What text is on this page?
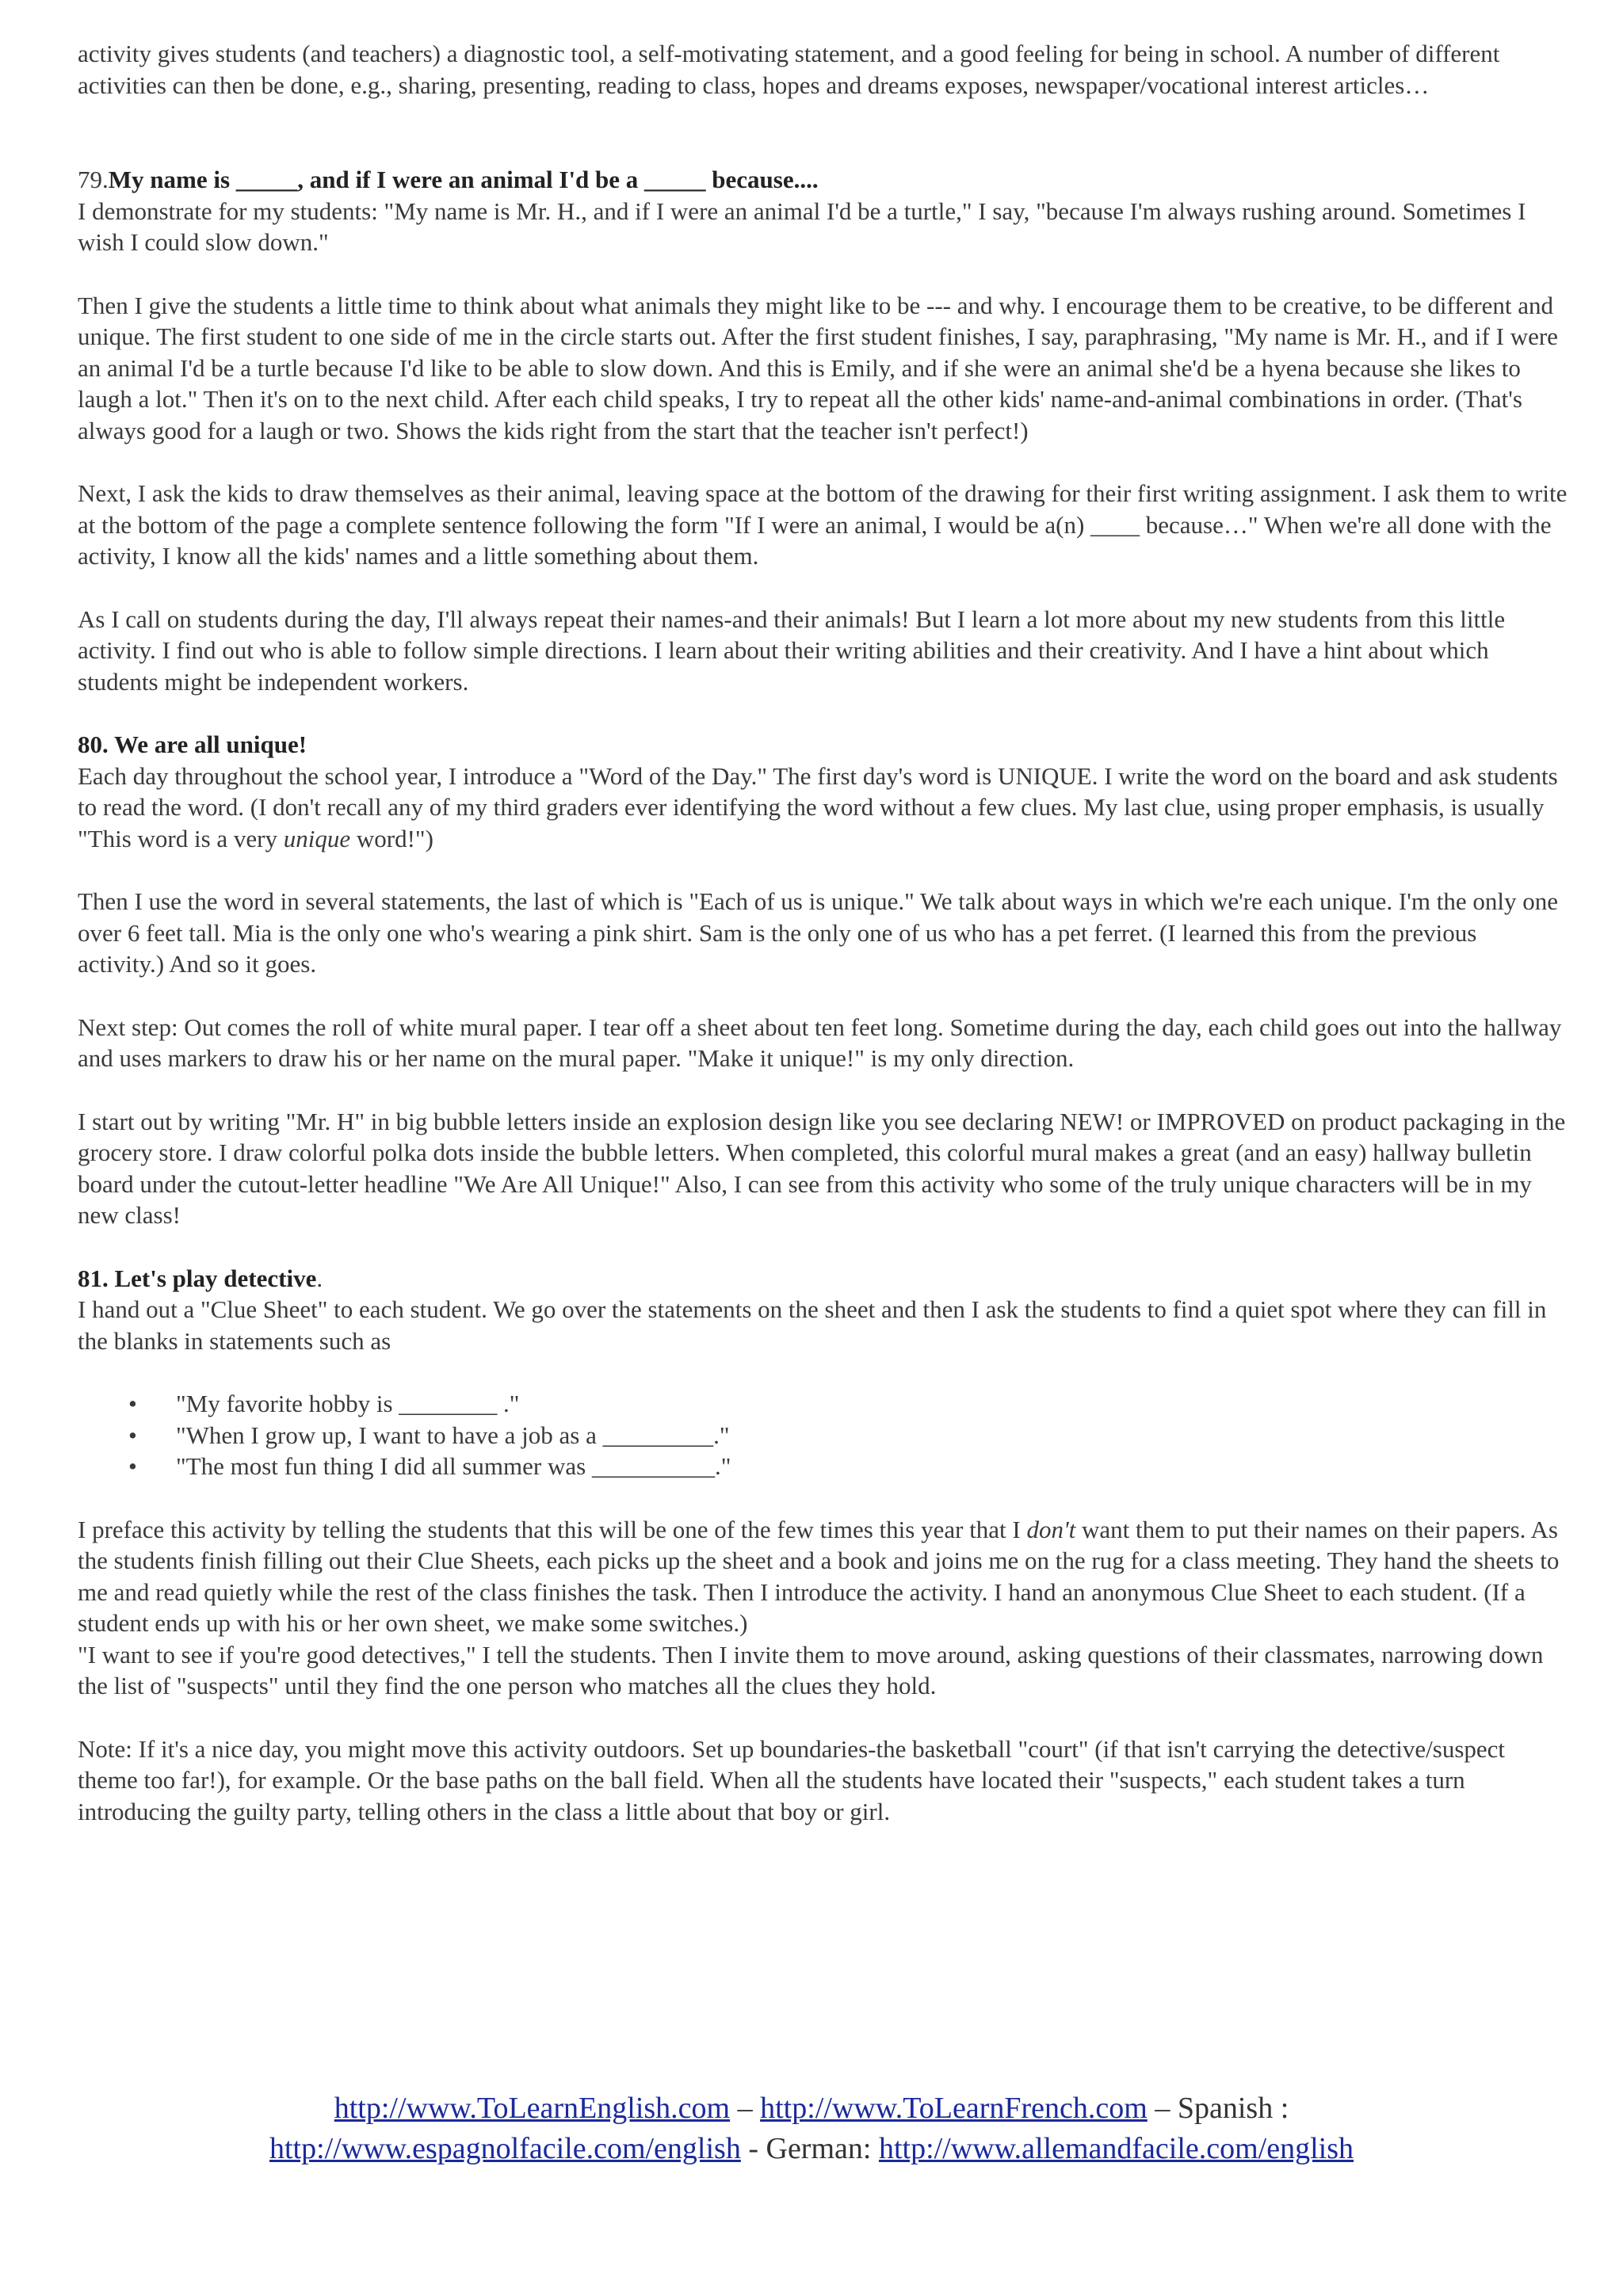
activity gives students (and teachers) a diagnostic tool, a self-motivating statement, and a good feeling for being in school. A number of different activities can then be done, e.g., sharing, presenting, reading to class, hopes and dreams exposes, newspaper/vocational interest articles…

79.My name is _____, and if I were an animal I'd be a _____ because....

I demonstrate for my students: "My name is Mr. H., and if I were an animal I'd be a turtle," I say, "because I'm always rushing around. Sometimes I wish I could slow down."

Then I give the students a little time to think about what animals they might like to be --- and why. I encourage them to be creative, to be different and unique. The first student to one side of me in the circle starts out. After the first student finishes, I say, paraphrasing, "My name is Mr. H., and if I were an animal I'd be a turtle because I'd like to be able to slow down. And this is Emily, and if she were an animal she'd be a hyena because she likes to laugh a lot." Then it's on to the next child. After each child speaks, I try to repeat all the other kids' name-and-animal combinations in order. (That's always good for a laugh or two. Shows the kids right from the start that the teacher isn't perfect!)

Next, I ask the kids to draw themselves as their animal, leaving space at the bottom of the drawing for their first writing assignment. I ask them to write at the bottom of the page a complete sentence following the form "If I were an animal, I would be a(n) ____ because…" When we're all done with the activity, I know all the kids' names and a little something about them.

As I call on students during the day, I'll always repeat their names-and their animals! But I learn a lot more about my new students from this little activity. I find out who is able to follow simple directions. I learn about their writing abilities and their creativity. And I have a hint about which students might be independent workers.

80. We are all unique!

Each day throughout the school year, I introduce a "Word of the Day." The first day's word is UNIQUE. I write the word on the board and ask students to read the word. (I don't recall any of my third graders ever identifying the word without a few clues. My last clue, using proper emphasis, is usually "This word is a very unique word!")

Then I use the word in several statements, the last of which is "Each of us is unique." We talk about ways in which we're each unique. I'm the only one over 6 feet tall. Mia is the only one who's wearing a pink shirt. Sam is the only one of us who has a pet ferret. (I learned this from the previous activity.) And so it goes.

Next step: Out comes the roll of white mural paper. I tear off a sheet about ten feet long. Sometime during the day, each child goes out into the hallway and uses markers to draw his or her name on the mural paper. "Make it unique!" is my only direction.

I start out by writing "Mr. H" in big bubble letters inside an explosion design like you see declaring NEW! or IMPROVED on product packaging in the grocery store. I draw colorful polka dots inside the bubble letters. When completed, this colorful mural makes a great (and an easy) hallway bulletin board under the cutout-letter headline "We Are All Unique!" Also, I can see from this activity who some of the truly unique characters will be in my new class!

81. Let's play detective.

I hand out a "Clue Sheet" to each student. We go over the statements on the sheet and then I ask the students to find a quiet spot where they can fill in the blanks in statements such as

• "My favorite hobby is ________ ."
• "When I grow up, I want to have a job as a _________."
• "The most fun thing I did all summer was __________."

I preface this activity by telling the students that this will be one of the few times this year that I don't want them to put their names on their papers. As the students finish filling out their Clue Sheets, each picks up the sheet and a book and joins me on the rug for a class meeting. They hand the sheets to me and read quietly while the rest of the class finishes the task. Then I introduce the activity. I hand an anonymous Clue Sheet to each student. (If a student ends up with his or her own sheet, we make some switches.)

"I want to see if you're good detectives," I tell the students. Then I invite them to move around, asking questions of their classmates, narrowing down the list of "suspects" until they find the one person who matches all the clues they hold.

Note: If it's a nice day, you might move this activity outdoors. Set up boundaries-the basketball "court" (if that isn't carrying the detective/suspect theme too far!), for example. Or the base paths on the ball field. When all the students have located their "suspects," each student takes a turn introducing the guilty party, telling others in the class a little about that boy or girl.

http://www.ToLearnEnglish.com – http://www.ToLearnFrench.com – Spanish :
http://www.espagnolfacile.com/english - German: http://www.allemandfacile.com/english
